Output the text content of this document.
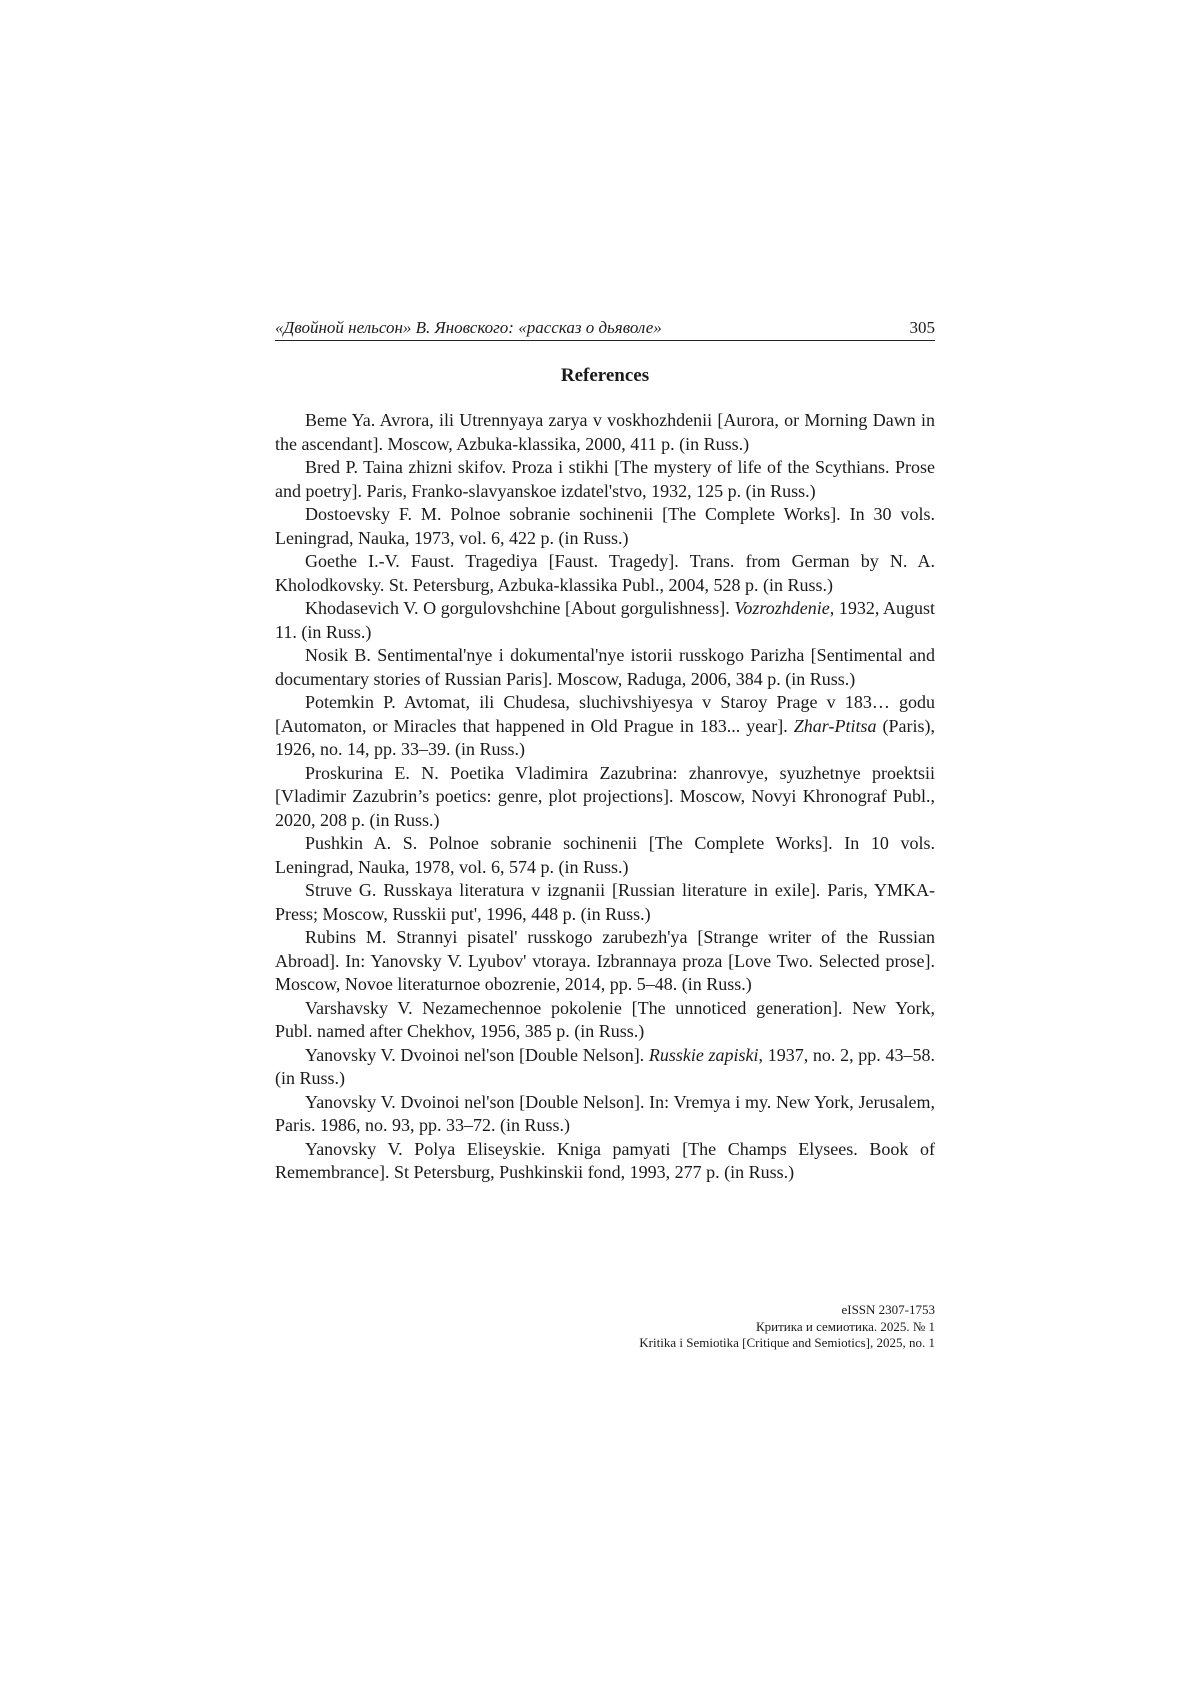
«Двойной нельсон» В. Яновского: «рассказ о дьяволе»	305
References

Beme Ya. Avrora, ili Utrennyaya zarya v voskhozhdenii [Aurora, or Morning Dawn in the ascendant]. Moscow, Azbuka-klassika, 2000, 411 p. (in Russ.)

Bred P. Taina zhizni skifov. Proza i stikhi [The mystery of life of the Scythians. Prose and poetry]. Paris, Franko-slavyanskoe izdatel'stvo, 1932, 125 p. (in Russ.)

Dostoevsky F. M. Polnoe sobranie sochinenii [The Complete Works]. In 30 vols. Leningrad, Nauka, 1973, vol. 6, 422 p. (in Russ.)

Goethe I.-V. Faust. Tragediya [Faust. Tragedy]. Trans. from German by N. A. Kholodkovsky. St. Petersburg, Azbuka-klassika Publ., 2004, 528 p. (in Russ.)

Khodasevich V. O gorgulovshchine [About gorgulishness]. Vozrozhdenie, 1932, August 11. (in Russ.)

Nosik B. Sentimental'nye i dokumental'nye istorii russkogo Parizha [Sentimental and documentary stories of Russian Paris]. Moscow, Raduga, 2006, 384 p. (in Russ.)

Potemkin P. Avtomat, ili Chudesa, sluchivshiyesya v Staroy Prage v 183… godu [Automaton, or Miracles that happened in Old Prague in 183... year]. Zhar-Ptitsa (Paris), 1926, no. 14, pp. 33–39. (in Russ.)

Proskurina E. N. Poetika Vladimira Zazubrina: zhanrovye, syuzhetnye proektsii [Vladimir Zazubrin’s poetics: genre, plot projections]. Moscow, Novyi Khronograf Publ., 2020, 208 p. (in Russ.)

Pushkin A. S. Polnoe sobranie sochinenii [The Complete Works]. In 10 vols. Leningrad, Nauka, 1978, vol. 6, 574 p. (in Russ.)

Struve G. Russkaya literatura v izgnanii [Russian literature in exile]. Paris, YMKA-Press; Moscow, Russkii put', 1996, 448 p. (in Russ.)

Rubins M. Strannyi pisatel' russkogo zarubezh'ya [Strange writer of the Russian Abroad]. In: Yanovsky V. Lyubov' vtoraya. Izbrannaya proza [Love Two. Selected prose]. Moscow, Novoe literaturnoe obozrenie, 2014, pp. 5–48. (in Russ.)

Varshavsky V. Nezamechennoe pokolenie [The unnoticed generation]. New York, Publ. named after Chekhov, 1956, 385 p. (in Russ.)

Yanovsky V. Dvoinoi nel'son [Double Nelson]. Russkie zapiski, 1937, no. 2, pp. 43–58. (in Russ.)

Yanovsky V. Dvoinoi nel'son [Double Nelson]. In: Vremya i my. New York, Jerusalem, Paris. 1986, no. 93, pp. 33–72. (in Russ.)

Yanovsky V. Polya Eliseyskie. Kniga pamyati [The Champs Elysees. Book of Remembrance]. St Petersburg, Pushkinskii fond, 1993, 277 p. (in Russ.)

eISSN 2307-1753
Критика и семиотика. 2025. № 1
Kritika i Semiotika [Critique and Semiotics], 2025, no. 1
